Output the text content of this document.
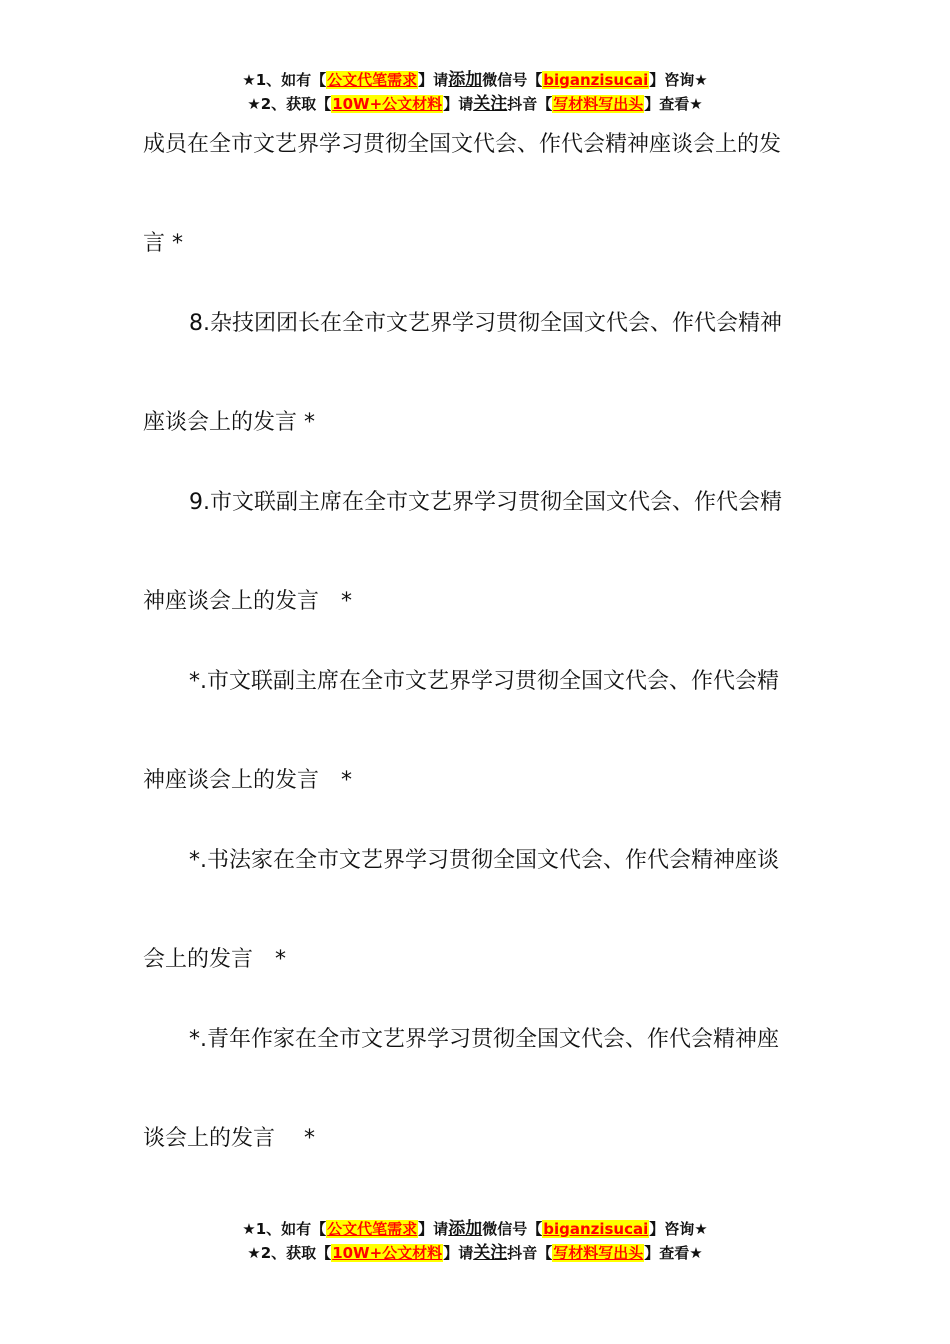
★1、如有【公文代笔需求】请添加微信号【biganzisucai】咨询★
★2、获取【10W+公文材料】请关注抖音【写材料写出头】查看★
成员在全市文艺界学习贯彻全国文代会、作代会精神座谈会上的发
言 *
8.杂技团团长在全市文艺界学习贯彻全国文代会、作代会精神
座谈会上的发言 *
9.市文联副主席在全市文艺界学习贯彻全国文代会、作代会精
神座谈会上的发言　*
*.市文联副主席在全市文艺界学习贯彻全国文代会、作代会精
神座谈会上的发言　*
*.书法家在全市文艺界学习贯彻全国文代会、作代会精神座谈
会上的发言　*
*.青年作家在全市文艺界学习贯彻全国文代会、作代会精神座
谈会上的发言　 *
★1、如有【公文代笔需求】请添加微信号【biganzisucai】咨询★
★2、获取【10W+公文材料】请关注抖音【写材料写出头】查看★
